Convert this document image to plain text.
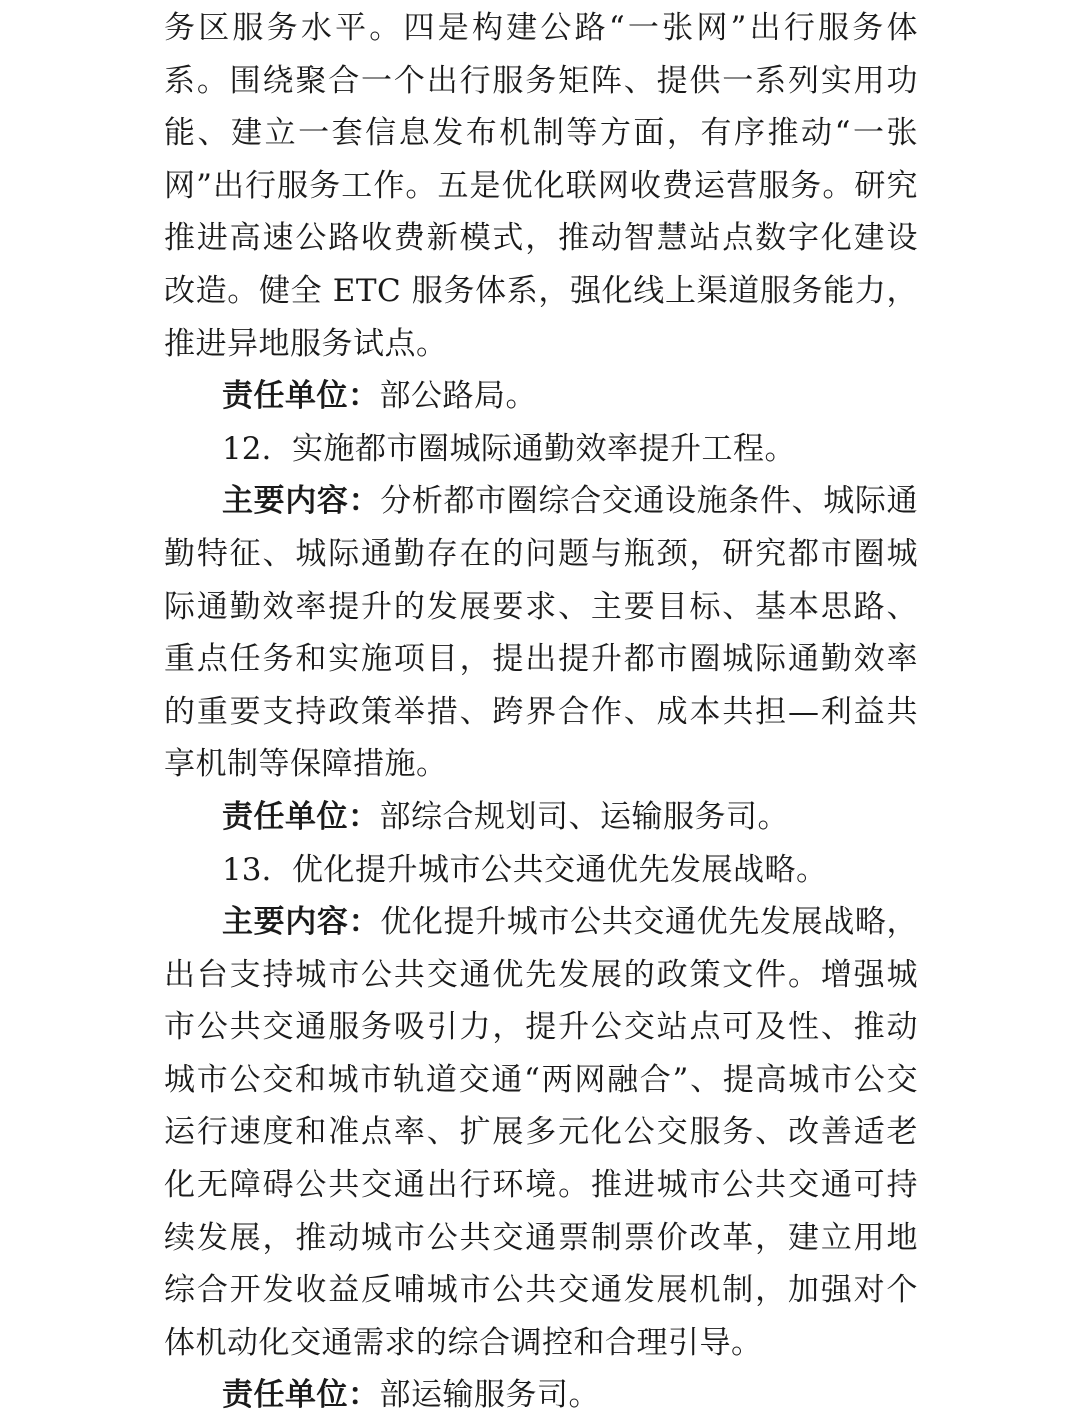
务区服务水平。四是构建公路“一张网”出行服务体系。围绕聚合一个出行服务矩阵、提供一系列实用功能、建立一套信息发布机制等方面，有序推动“一张网”出行服务工作。五是优化联网收费运营服务。研究推进高速公路收费新模式，推动智慧站点数字化建设改造。健全 ETC 服务体系，强化线上渠道服务能力，推进异地服务试点。

责任单位：部公路局。

12. 实施都市圈城际通勤效率提升工程。

主要内容：分析都市圈综合交通设施条件、城际通勤特征、城际通勤存在的问题与瓶颈，研究都市圈城际通勤效率提升的发展要求、主要目标、基本思路、重点任务和实施项目，提出提升都市圈城际通勤效率的重要支持政策举措、跨界合作、成本共担—利益共享机制等保障措施。

责任单位：部综合规划司、运输服务司。

13. 优化提升城市公共交通优先发展战略。

主要内容：优化提升城市公共交通优先发展战略，出台支持城市公共交通优先发展的政策文件。增强城市公共交通服务吸引力，提升公交站点可及性、推动城市公交和城市轨道交通“两网融合”、提高城市公交运行速度和准点率、扩展多元化公交服务、改善适老化无障碍公共交通出行环境。推进城市公共交通可持续发展，推动城市公共交通票制票价改革，建立用地综合开发收益反哺城市公共交通发展机制，加强对个体机动化交通需求的综合调控和合理引导。

责任单位：部运输服务司。
